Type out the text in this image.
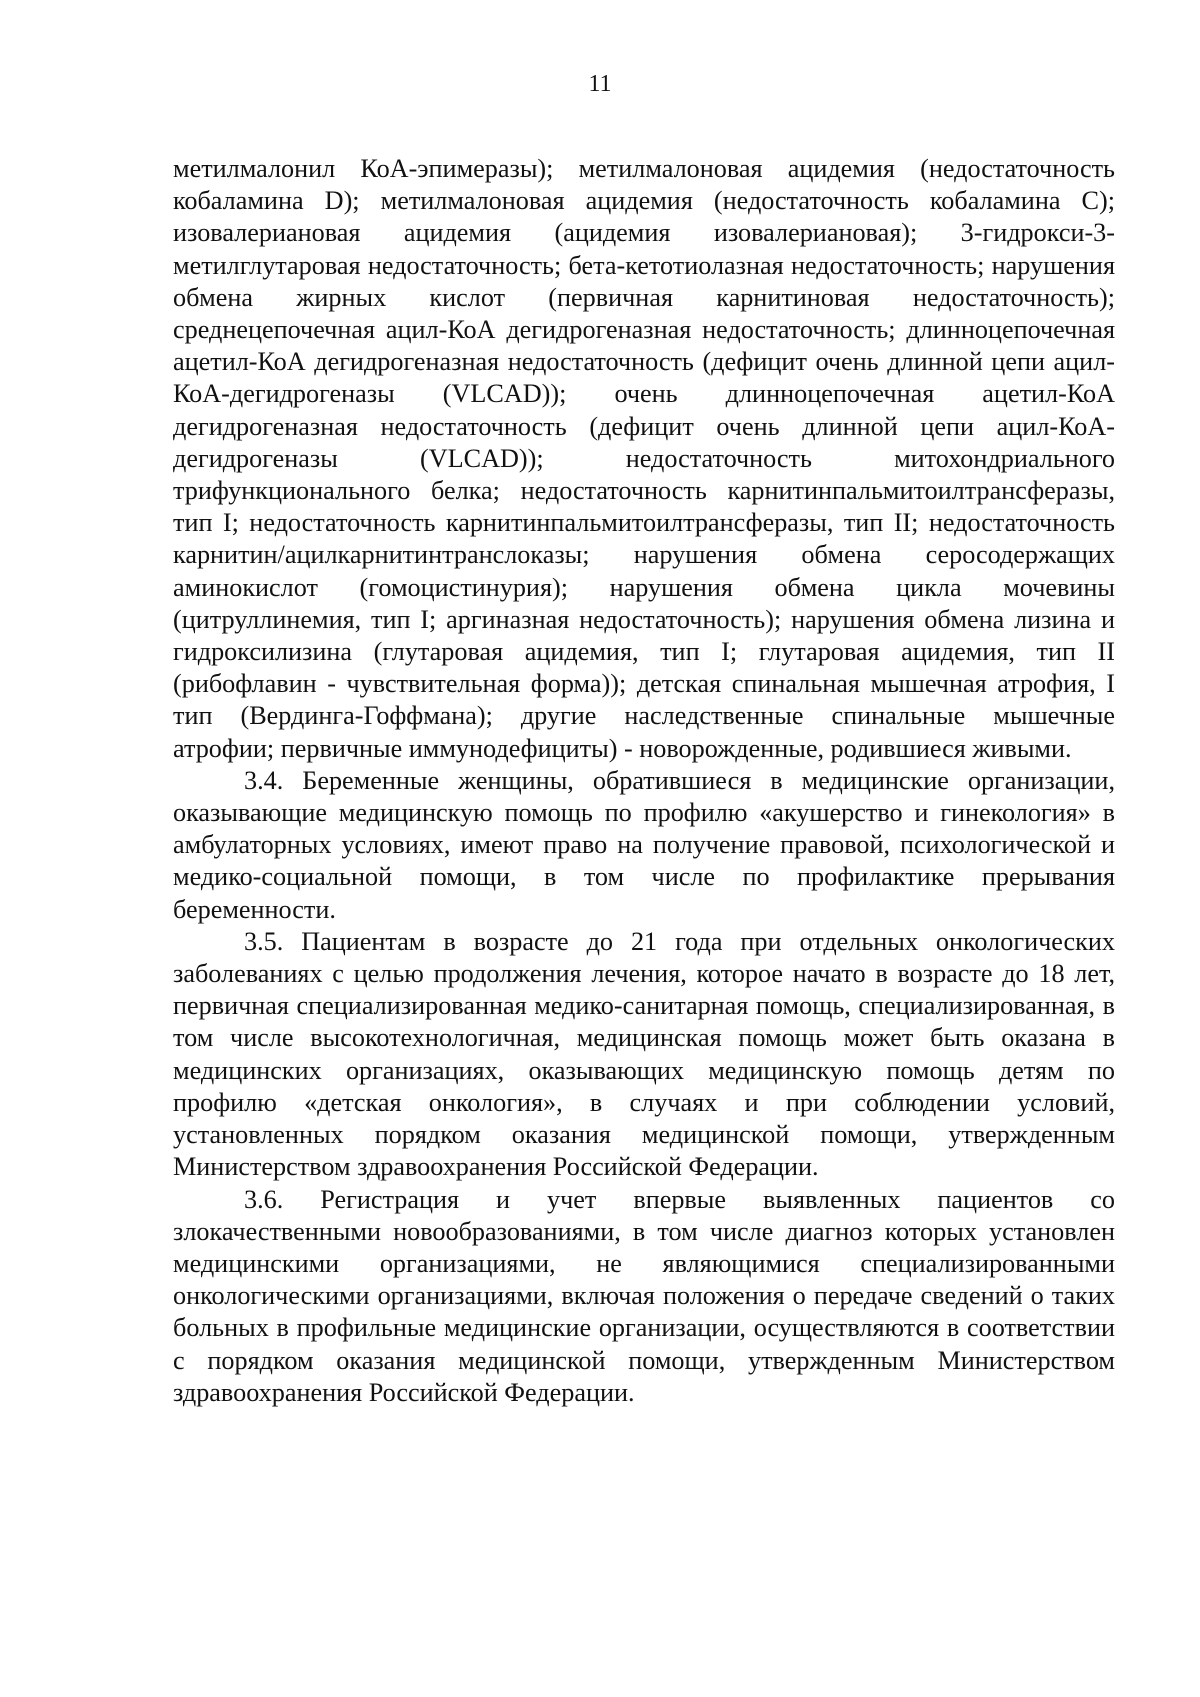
11

метилмалонил КоА-эпимеразы); метилмалоновая ацидемия (недостаточность кобаламина D); метилмалоновая ацидемия (недостаточность кобаламина С); изовалериановая ацидемия (ацидемия изовалериановая); 3-гидрокси-3-метилглутаровая недостаточность; бета-кетотиолазная недостаточность; нарушения обмена жирных кислот (первичная карнитиновая недостаточность); среднецепочечная ацил-КоА дегидрогеназная недостаточность; длинноцепочечная ацетил-КоА дегидрогеназная недостаточность (дефицит очень длинной цепи ацил-КоА-дегидрогеназы (VLCAD)); очень длинноцепочечная ацетил-КоА дегидрогеназная недостаточность (дефицит очень длинной цепи ацил-КоА-дегидрогеназы (VLCAD)); недостаточность митохондриального трифункционального белка; недостаточность карнитинпальмитоилтрансферазы, тип I; недостаточность карнитинпальмитоилтрансферазы, тип II; недостаточность карнитин/ацилкарнитинтранслоказы; нарушения обмена серосодержащих аминокислот (гомоцистинурия); нарушения обмена цикла мочевины (цитруллинемия, тип I; аргиназная недостаточность); нарушения обмена лизина и гидроксилизина (глутаровая ацидемия, тип I; глутаровая ацидемия, тип II (рибофлавин - чувствительная форма)); детская спинальная мышечная атрофия, I тип (Вердинга-Гоффмана); другие наследственные спинальные мышечные атрофии; первичные иммунодефициты) - новорожденные, родившиеся живыми.

3.4. Беременные женщины, обратившиеся в медицинские организации, оказывающие медицинскую помощь по профилю «акушерство и гинекология» в амбулаторных условиях, имеют право на получение правовой, психологической и медико-социальной помощи, в том числе по профилактике прерывания беременности.

3.5. Пациентам в возрасте до 21 года при отдельных онкологических заболеваниях с целью продолжения лечения, которое начато в возрасте до 18 лет, первичная специализированная медико-санитарная помощь, специализированная, в том числе высокотехнологичная, медицинская помощь может быть оказана в медицинских организациях, оказывающих медицинскую помощь детям по профилю «детская онкология», в случаях и при соблюдении условий, установленных порядком оказания медицинской помощи, утвержденным Министерством здравоохранения Российской Федерации.

3.6. Регистрация и учет впервые выявленных пациентов со злокачественными новообразованиями, в том числе диагноз которых установлен медицинскими организациями, не являющимися специализированными онкологическими организациями, включая положения о передаче сведений о таких больных в профильные медицинские организации, осуществляются в соответствии с порядком оказания медицинской помощи, утвержденным Министерством здравоохранения Российской Федерации.
